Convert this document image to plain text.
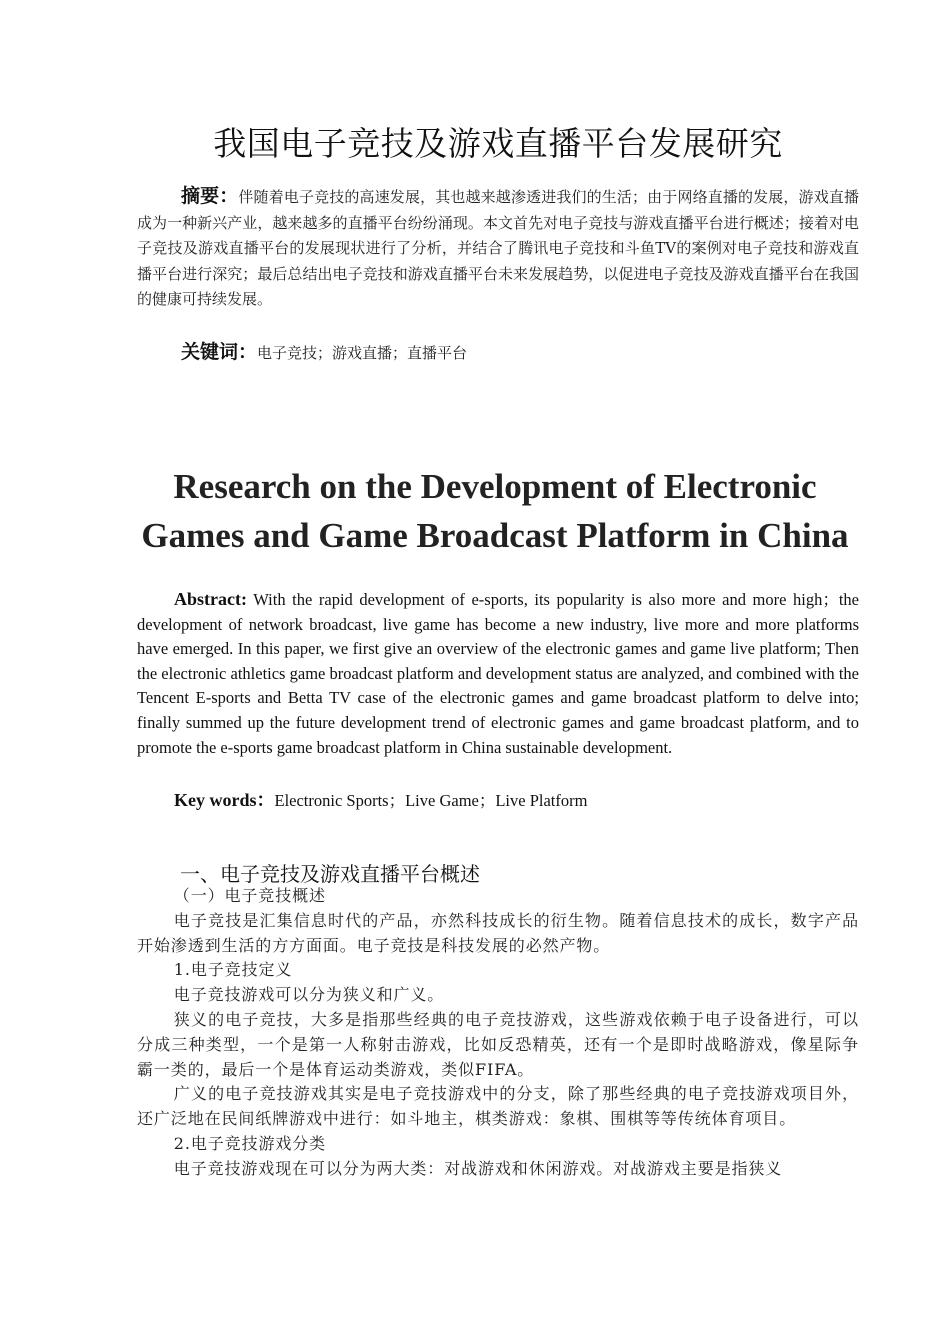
我国电子竞技及游戏直播平台发展研究
摘要：伴随着电子竞技的高速发展，其也越来越渗透进我们的生活；由于网络直播的发展，游戏直播成为一种新兴产业，越来越多的直播平台纷纷涌现。本文首先对电子竞技与游戏直播平台进行概述；接着对电子竞技及游戏直播平台的发展现状进行了分析，并结合了腾讯电子竞技和斗鱼TV的案例对电子竞技和游戏直播平台进行深究；最后总结出电子竞技和游戏直播平台未来发展趋势，以促进电子竞技及游戏直播平台在我国的健康可持续发展。
关键词：电子竞技；游戏直播；直播平台
Research on the Development of Electronic
Games and Game Broadcast Platform in China
Abstract: With the rapid development of e-sports, its popularity is also more and more high；the development of network broadcast, live game has become a new industry, live more and more platforms have emerged. In this paper, we first give an overview of the electronic games and game live platform; Then the electronic athletics game broadcast platform and development status are analyzed, and combined with the Tencent E-sports and Betta TV case of the electronic games and game broadcast platform to delve into; finally summed up the future development trend of electronic games and game broadcast platform, and to promote the e-sports game broadcast platform in China sustainable development.
Key words：Electronic Sports；Live Game；Live Platform
一、电子竞技及游戏直播平台概述

（一）电子竞技概述

电子竞技是汇集信息时代的产品，亦然科技成长的衍生物。随着信息技术的成长，数字产品开始渗透到生活的方方面面。电子竞技是科技发展的必然产物。

1.电子竞技定义

电子竞技游戏可以分为狭义和广义。

狭义的电子竞技，大多是指那些经典的电子竞技游戏，这些游戏依赖于电子设备进行，可以分成三种类型，一个是第一人称射击游戏，比如反恐精英，还有一个是即时战略游戏，像星际争霸一类的，最后一个是体育运动类游戏，类似FIFA。

广义的电子竞技游戏其实是电子竞技游戏中的分支，除了那些经典的电子竞技游戏项目外，还广泛地在民间纸牌游戏中进行：如斗地主，棋类游戏：象棋、围棋等等传统体育项目。

2.电子竞技游戏分类

电子竞技游戏现在可以分为两大类：对战游戏和休闲游戏。对战游戏主要是指狭义
